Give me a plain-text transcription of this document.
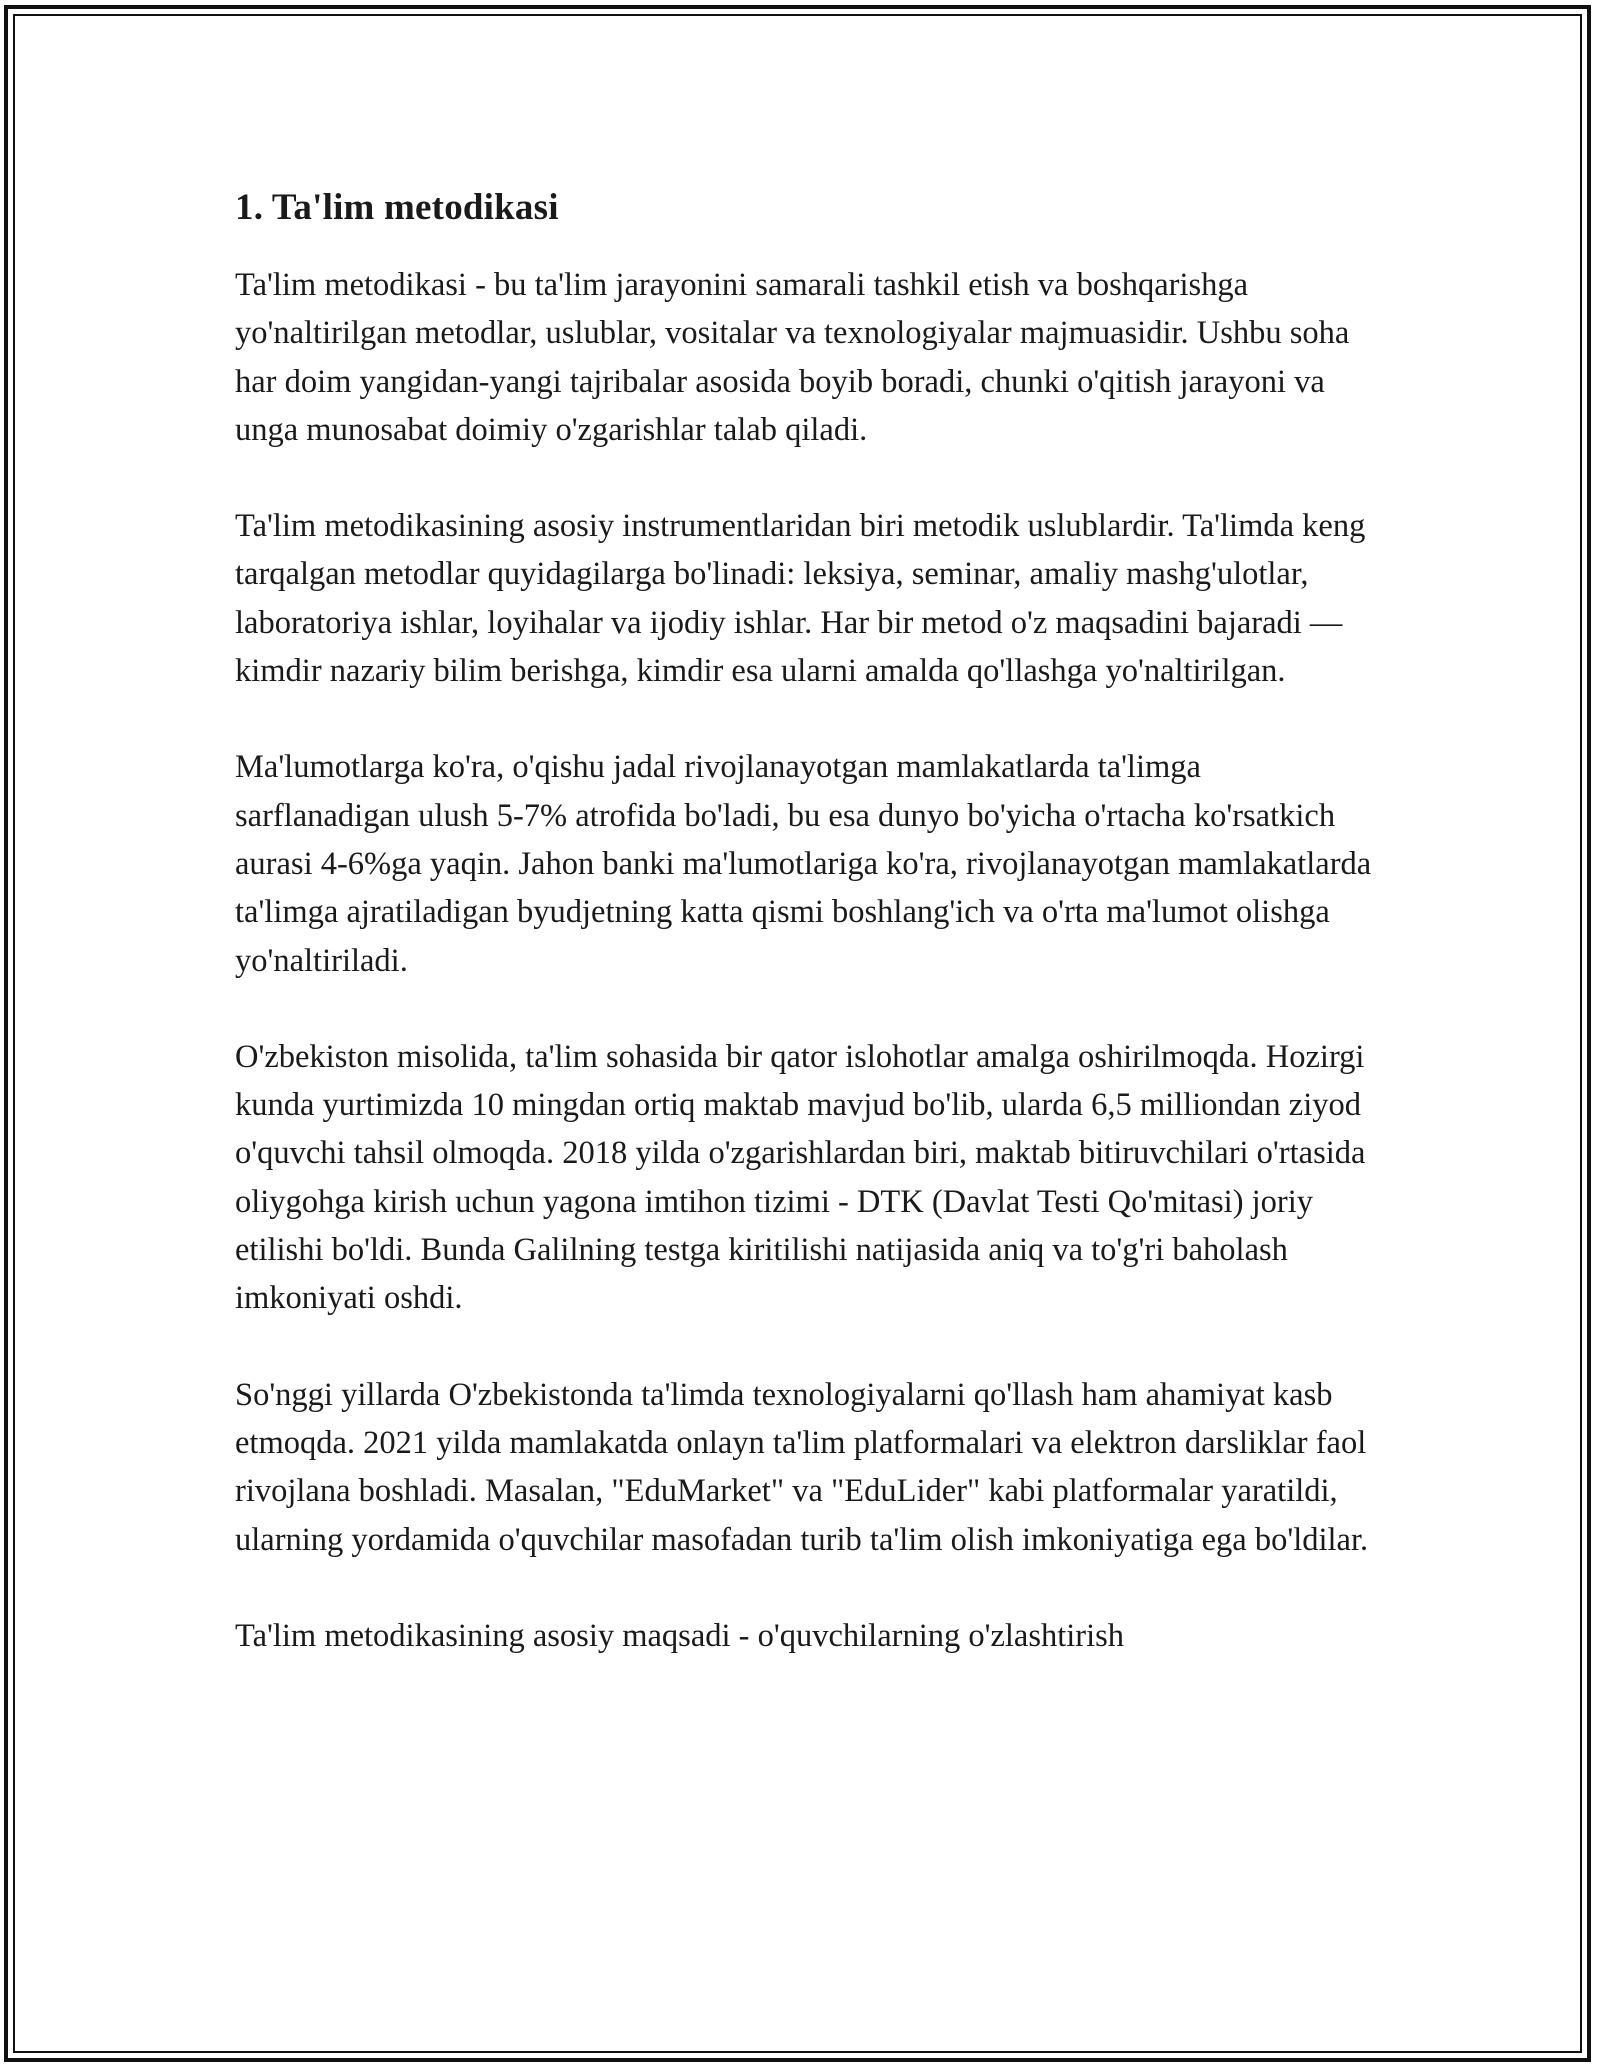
1. Ta'lim metodikasi

Ta'lim metodikasi - bu ta'lim jarayonini samarali tashkil etish va boshqarishga yo'naltirilgan metodlar, uslublar, vositalar va texnologiyalar majmuasidir. Ushbu soha har doim yangidan-yangi tajribalar asosida boyib boradi, chunki o'qitish jarayoni va unga munosabat doimiy o'zgarishlar talab qiladi.

Ta'lim metodikasining asosiy instrumentlaridan biri metodik uslublardir. Ta'limda keng tarqalgan metodlar quyidagilarga bo'linadi: leksiya, seminar, amaliy mashg'ulotlar, laboratoriya ishlar, loyihalar va ijodiy ishlar. Har bir metod o'z maqsadini bajaradi — kimdir nazariy bilim berishga, kimdir esa ularni amalda qo'llashga yo'naltirilgan.

Ma'lumotlarga ko'ra, o'qishu jadal rivojlanayotgan mamlakatlarda ta'limga sarflanadigan ulush 5-7% atrofida bo'ladi, bu esa dunyo bo'yicha o'rtacha ko'rsatkich aurasi 4-6%ga yaqin. Jahon banki ma'lumotlariga ko'ra, rivojlanayotgan mamlakatlarda ta'limga ajratiladigan byudjetning katta qismi boshlang'ich va o'rta ma'lumot olishga yo'naltiriladi.

O'zbekiston misolida, ta'lim sohasida bir qator islohotlar amalga oshirilmoqda. Hozirgi kunda yurtimizda 10 mingdan ortiq maktab mavjud bo'lib, ularda 6,5 milliondan ziyod o'quvchi tahsil olmoqda. 2018 yilda o'zgarishlardan biri, maktab bitiruvchilari o'rtasida oliygohga kirish uchun yagona imtihon tizimi - DTK (Davlat Testi Qo'mitasi) joriy etilishi bo'ldi. Bunda Galilning testga kiritilishi natijasida aniq va to'g'ri baholash imkoniyati oshdi.

So'nggi yillarda O'zbekistonda ta'limda texnologiyalarni qo'llash ham ahamiyat kasb etmoqda. 2021 yilda mamlakatda onlayn ta'lim platformalari va elektron darsliklar faol rivojlana boshladi. Masalan, "EduMarket" va "EduLider" kabi platformalar yaratildi, ularning yordamida o'quvchilar masofadan turib ta'lim olish imkoniyatiga ega bo'ldilar.

Ta'lim metodikasining asosiy maqsadi - o'quvchilarning o'zlashtirish
